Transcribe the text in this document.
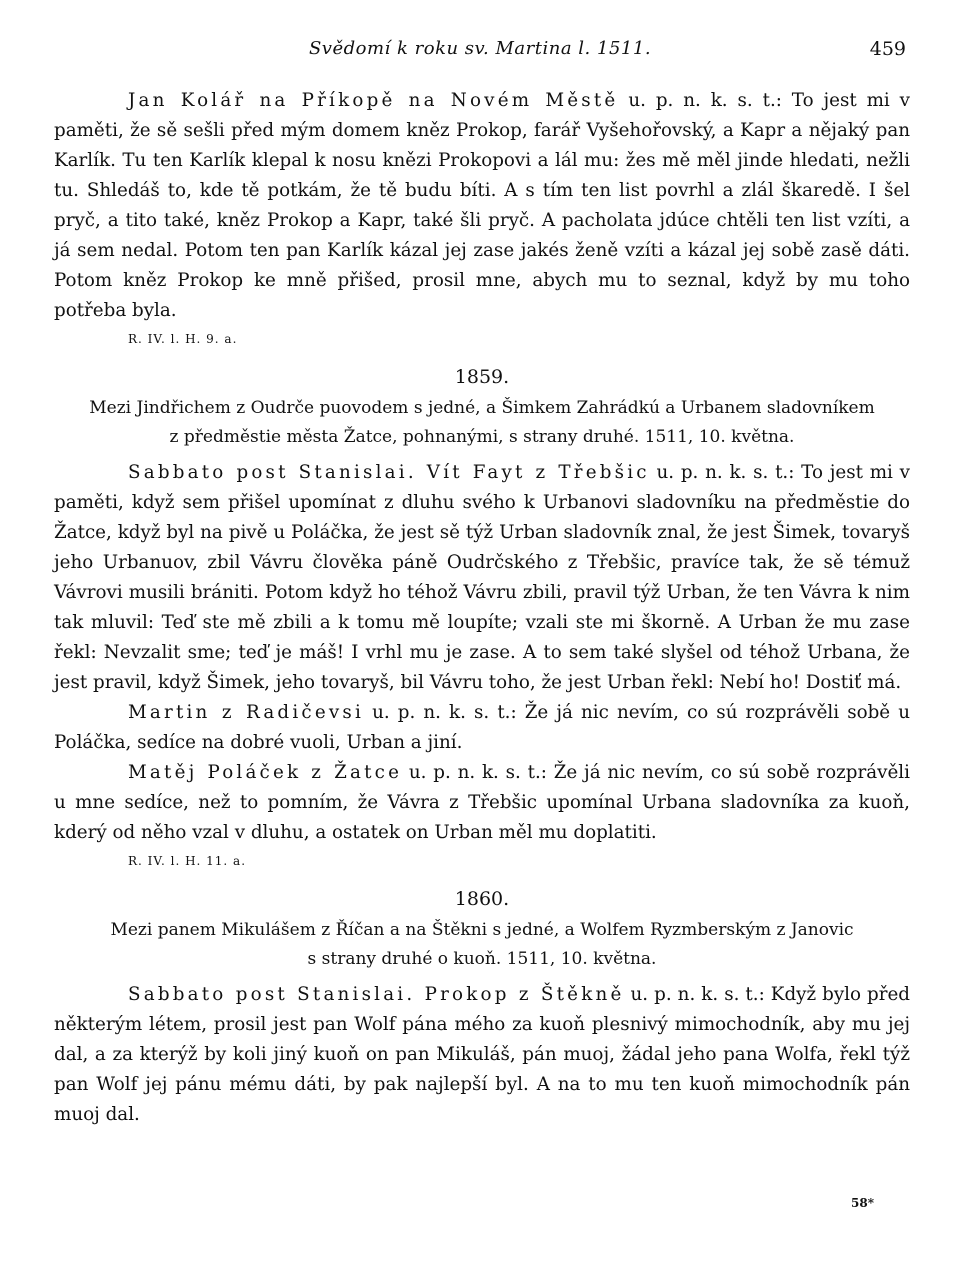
Svědomí k roku sv. Martina l. 1511.	459

Jan Kolář na Příkopě na Novém Městě u. p. n. k. s. t.: To jest mi v paměti, že sě sešli před mým domem kněz Prokop, farář Vyšehořovský, a Kapr a nějaký pan Karlík. Tu ten Karlík klepal k nosu knězi Prokopovi a lál mu: žes mě měl jinde hledati, nežli tu. Shledáš to, kde tě potkám, že tě budu bíti. A s tím ten list povrhl a zlál škaredě. I šel pryč, a tito také, kněz Prokop a Kapr, také šli pryč. A pacholata jdúce chtěli ten list vzíti, a já sem nedal. Potom ten pan Karlík kázal jej zase jakés ženě vzíti a kázal jej sobě zasě dáti. Potom kněz Prokop ke mně přišed, prosil mne, abych mu to seznal, když by mu toho potřeba byla.

R. IV. l. H. 9. a.
1859.
Mezi Jindřichem z Oudrče puovodem s jedné, a Šimkem Zahrádkú a Urbanem sladovníkem
z předměstie města Žatce, pohnanými, s strany druhé. 1511, 10. května.

Sabbato post Stanislai. Vít Fayt z Třebšic u. p. n. k. s. t.: To jest mi v paměti, když sem přišel upomínat z dluhu svého k Urbanovi sladovníku na předměstie do Žatce, když byl na pivě u Poláčka, že jest sě týž Urban sladovník znal, že jest Šimek, tovaryš jeho Urbanuov, zbil Vávru člověka páně Oudrčského z Třebšic, pravíce tak, že sě témuž Vávrovi musili brániti. Potom když ho téhož Vávru zbili, pravil týž Urban, že ten Vávra k nim tak mluvil: Teď ste mě zbili a k tomu mě loupíte; vzali ste mi škorně. A Urban že mu zase řekl: Nevzalit sme; teď je máš! I vrhl mu je zase. A to sem také slyšel od téhož Urbana, že jest pravil, když Šimek, jeho tovaryš, bil Vávru toho, že jest Urban řekl: Nebí ho! Dostiť má.

Martin z Radičevsi u. p. n. k. s. t.: Že já nic nevím, co sú rozprávěli sobě u Poláčka, sedíce na dobré vuoli, Urban a jiní.

Matěj Poláček z Žatce u. p. n. k. s. t.: Že já nic nevím, co sú sobě rozprávěli u mne sedíce, než to pomním, že Vávra z Třebšic upomínal Urbana sladovníka za kuoň, kderý od něho vzal v dluhu, a ostatek on Urban měl mu doplatiti.

R. IV. l. H. 11. a.
1860.
Mezi panem Mikulášem z Říčan a na Štěkni s jedné, a Wolfem Ryzmberským z Janovic
s strany druhé o kuoň. 1511, 10. května.

Sabbato post Stanislai. Prokop z Štěkně u. p. n. k. s. t.: Když bylo před některým létem, prosil jest pan Wolf pána mého za kuoň plesnivý mimochodník, aby mu jej dal, a za kterýž by koli jiný kuoň on pan Mikuláš, pán muoj, žádal jeho pana Wolfa, řekl týž pan Wolf jej pánu mému dáti, by pak najlepší byl. A na to mu ten kuoň mimochodník pán muoj dal.

58*
